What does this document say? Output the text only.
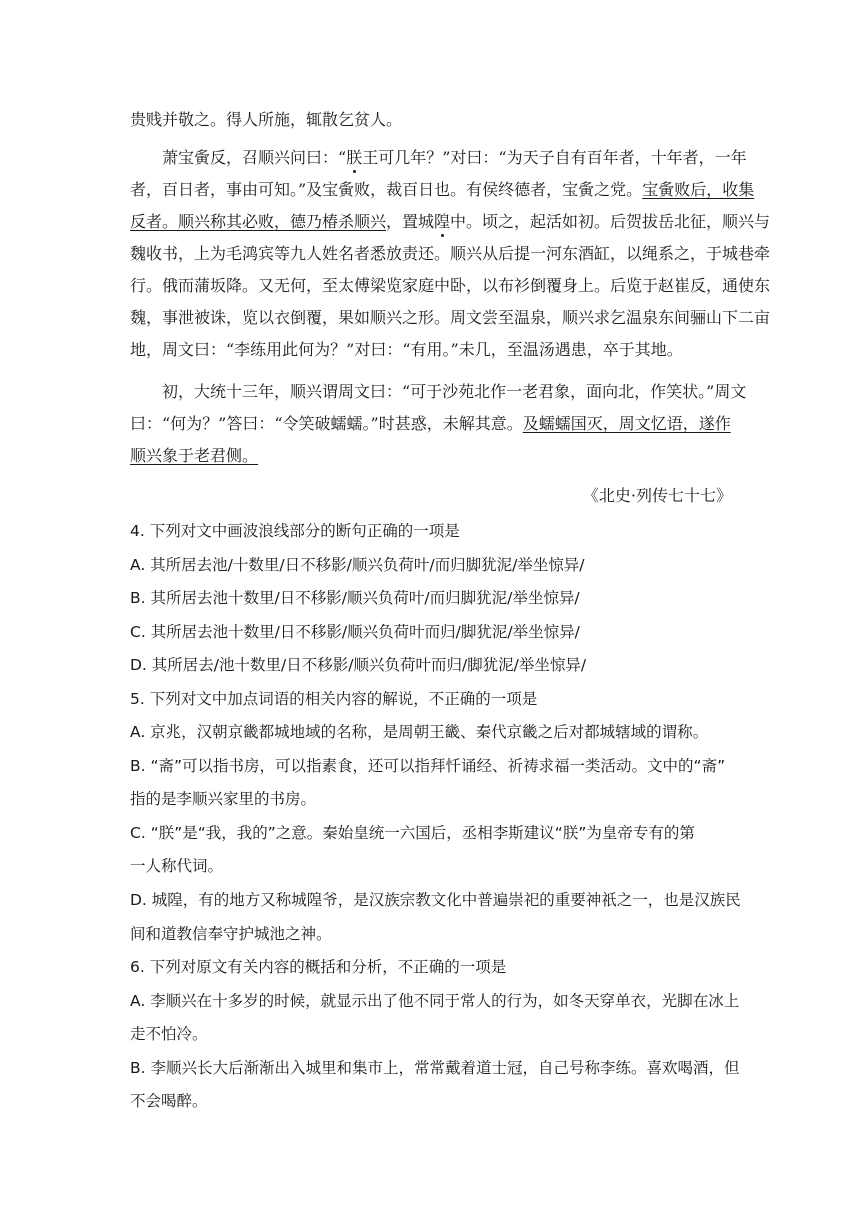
贵贱并敬之。得人所施，辄散乞贫人。
萧宝夤反，召顺兴问曰：“朕王可几年？”对曰：“为天子自有百年者，十年者，一年
者，百日者，事由可知。”及宝夤败，裁百日也。有侯终德者，宝夤之党。宝夤败后，收集
反者。顺兴称其必败，德乃椿杀顺兴，置城隍中。顷之，起活如初。后贺拔岳北征，顺兴与
魏收书，上为毛鸿宾等九人姓名者悉放责还。顺兴从后提一河东酒缸，以绳系之，于城巷牵
行。俄而蒲坂降。又无何，至太傅梁览家庭中卧，以布衫倒覆身上。后览于赵崔反，通使东
魏，事泄被诛，览以衣倒覆，果如顺兴之形。周文尝至温泉，顺兴求乞温泉东间骊山下二亩
地，周文曰：“李练用此何为？”对曰：“有用。”未几，至温汤遇患，卒于其地。
初，大统十三年，顺兴谓周文曰：“可于沙苑北作一老君象，面向北，作笑状。”周文
曰：“何为？”答曰：“令笑破蠕蠕。”时甚惑，未解其意。及蠕蠕国灭，周文忆语，遂作
顺兴象于老君侧。
《北史·列传七十七》
4. 下列对文中画波浪线部分的断句正确的一项是
A. 其所居去池/十数里/日不移影/顺兴负荷叶/而归脚犹泥/举坐惊异/
B. 其所居去池十数里/日不移影/顺兴负荷叶/而归脚犹泥/举坐惊异/
C. 其所居去池十数里/日不移影/顺兴负荷叶而归/脚犹泥/举坐惊异/
D. 其所居去/池十数里/日不移影/顺兴负荷叶而归/脚犹泥/举坐惊异/
5. 下列对文中加点词语的相关内容的解说，不正确的一项是
A. 京兆，汉朝京畿都城地域的名称，是周朝王畿、秦代京畿之后对都城辖域的谓称。
B. “斋”可以指书房，可以指素食，还可以指拜忏诵经、祈祷求福一类活动。文中的“斋”
指的是李顺兴家里的书房。
C. “朕”是“我，我的”之意。秦始皇统一六国后，丞相李斯建议“朕”为皇帝专有的第
一人称代词。
D. 城隍，有的地方又称城隍爷，是汉族宗教文化中普遍崇祀的重要神祇之一，也是汉族民
间和道教信奉守护城池之神。
6. 下列对原文有关内容的概括和分析，不正确的一项是
A. 李顺兴在十多岁的时候，就显示出了他不同于常人的行为，如冬天穿单衣，光脚在冰上
走不怕冷。
B. 李顺兴长大后渐渐出入城里和集市上，常常戴着道士冠，自己号称李练。喜欢喝酒，但
不会喝醉。
